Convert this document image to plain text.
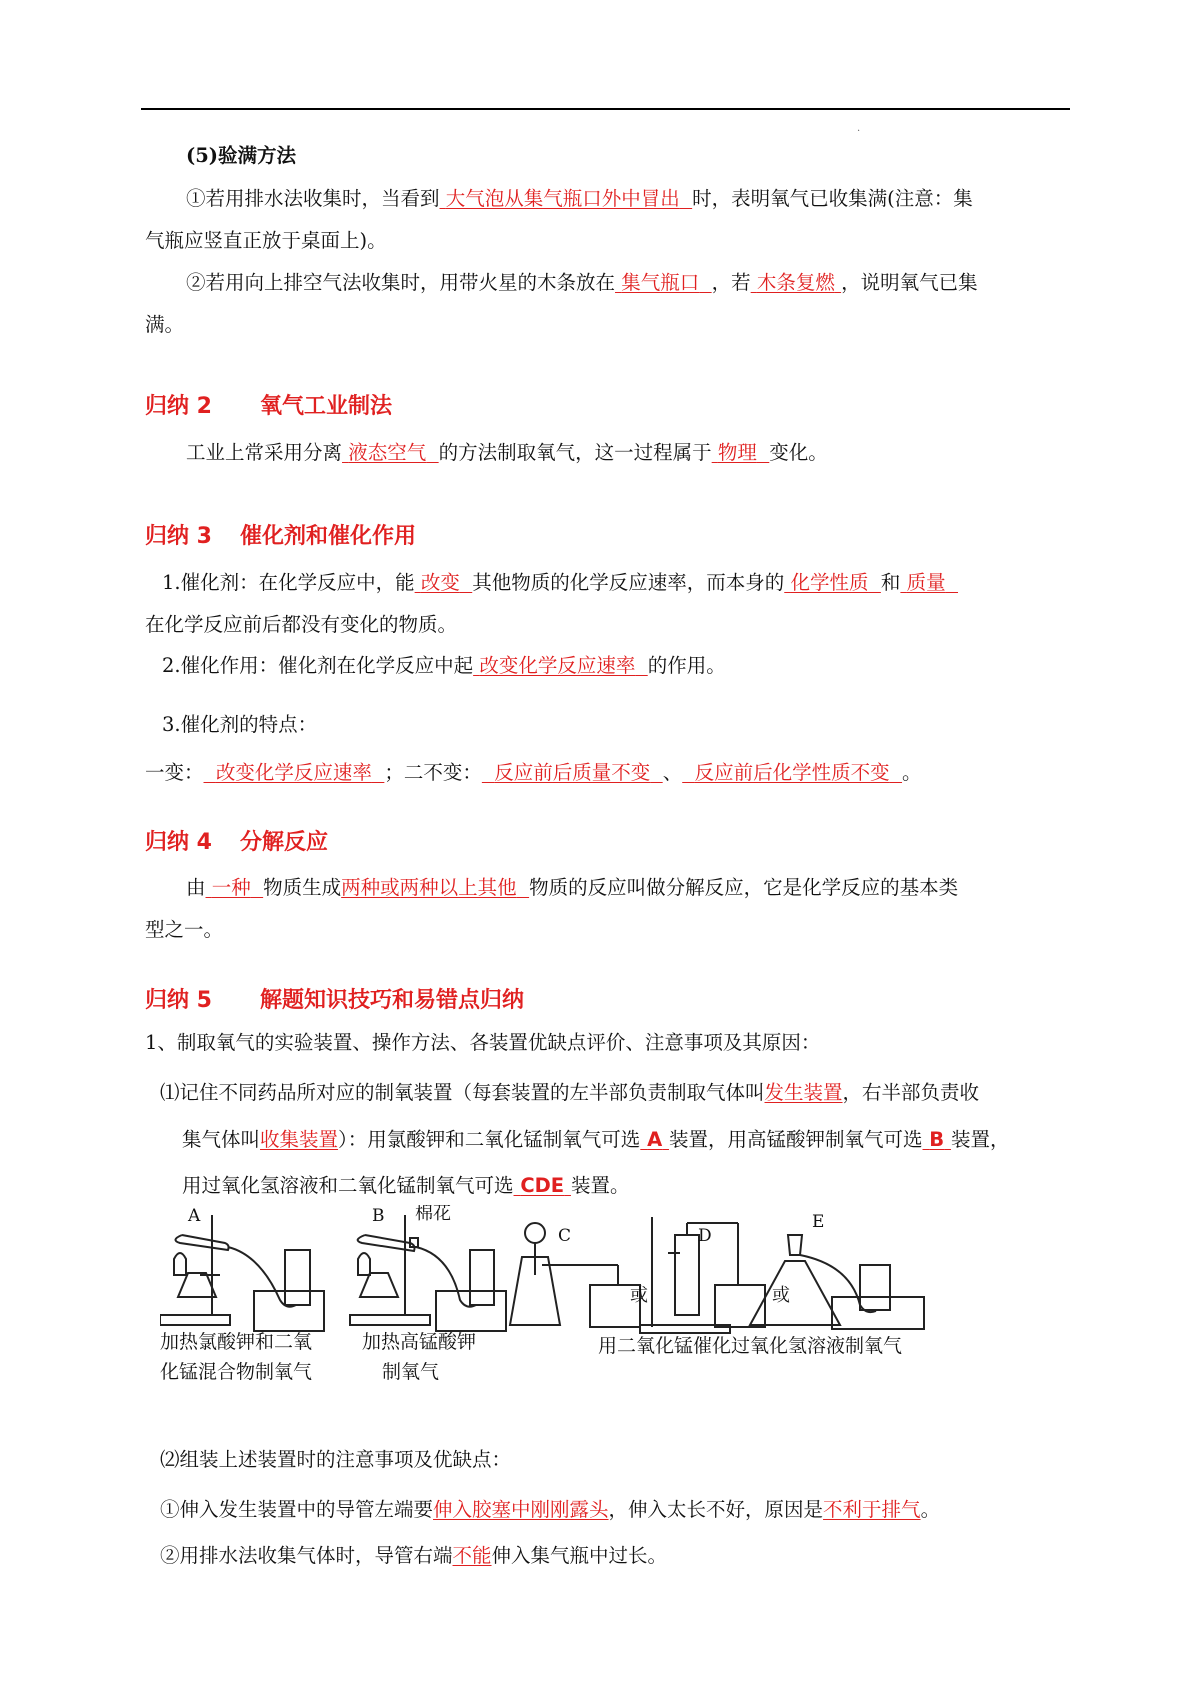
.
(5)验满方法
①若用排水法收集时，当看到 大气泡从集气瓶口外中冒出 时，表明氧气已收集满(注意：集
气瓶应竖直正放于桌面上)。
②若用向上排空气法收集时，用带火星的木条放在 集气瓶口 ，若 木条复燃 ，说明氧气已集
满。
归纳 2 氧气工业制法
工业上常采用分离 液态空气 的方法制取氧气，这一过程属于 物理 变化。
归纳 3 催化剂和催化作用
1.催化剂：在化学反应中，能 改变 其他物质的化学反应速率，而本身的 化学性质 和 质量
在化学反应前后都没有变化的物质。
2.催化作用：催化剂在化学反应中起 改变化学反应速率 的作用。
3.催化剂的特点：
一变： 改变化学反应速率 ；二不变： 反应前后质量不变 、 反应前后化学性质不变 。
归纳 4 分解反应
由 一种 物质生成两种或两种以上其他 物质的反应叫做分解反应，它是化学反应的基本类
型之一。
归纳 5 解题知识技巧和易错点归纳
1、制取氧气的实验装置、操作方法、各装置优缺点评价、注意事项及其原因：
⑴记住不同药品所对应的制氧装置（每套装置的左半部负责制取气体叫发生装置，右半部负责收
集气体叫收集装置）：用氯酸钾和二氧化锰制氧气可选 A 装置，用高锰酸钾制氧气可选 B 装置，
用过氧化氢溶液和二氧化锰制氧气可选 CDE 装置。
A	B 棉花
C	D
E
或	或
加热氯酸钾和二氧
化锰混合物制氧气
加热高锰酸钾
制氧气
用二氧化锰催化过氧化氢溶液制氧气
⑵组装上述装置时的注意事项及优缺点：
①伸入发生装置中的导管左端要伸入胶塞中刚刚露头，伸入太长不好，原因是不利于排气。
②用排水法收集气体时，导管右端不能伸入集气瓶中过长。
